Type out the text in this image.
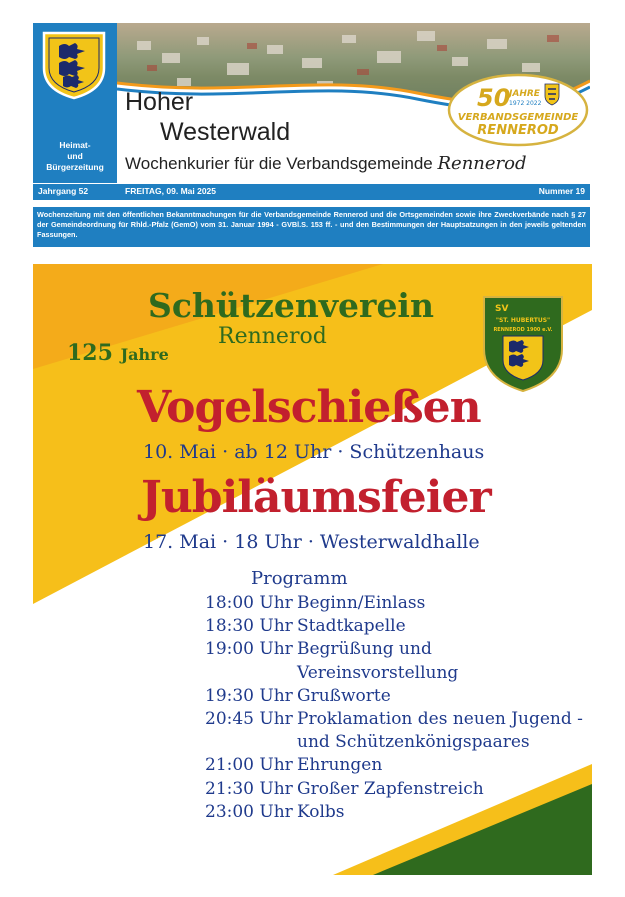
Heimat-
und
Bürgerzeitung
Hoher
Westerwald
Wochenkurier für die Verbandsgemeinde Rennerod
50
JAHRE
1972 2022
VERBANDSGEMEINDE
RENNEROD
Jahrgang 52	FREITAG, 09. Mai 2025	Nummer 19
Wochenzeitung mit den öffentlichen Bekanntmachungen für die Verbandsgemeinde Rennerod und die Ortsgemeinden sowie ihre Zweckverbände nach § 27 der Gemeindeordnung für Rhld.-Pfalz (GemO) vom 31. Januar 1994 - GVBl.S. 153 ff. - und den Bestimmungen der Hauptsatzungen in den jeweils geltenden Fassungen.
Schützenverein
Rennerod
125 Jahre
SV
"ST. HUBERTUS"
RENNEROD 1900 e.V.
Vogelschießen
10. Mai · ab 12 Uhr · Schützenhaus
Jubiläumsfeier
17. Mai · 18 Uhr · Westerwaldhalle
Programm
18:00 Uhr Beginn/Einlass
18:30 Uhr Stadtkapelle
19:00 Uhr Begrüßung und
Vereinsvorstellung
19:30 Uhr Grußworte
20:45 Uhr Proklamation des neuen Jugend -
und Schützenkönigspaares
21:00 Uhr Ehrungen
21:30 Uhr Großer Zapfenstreich
23:00 Uhr Kolbs
